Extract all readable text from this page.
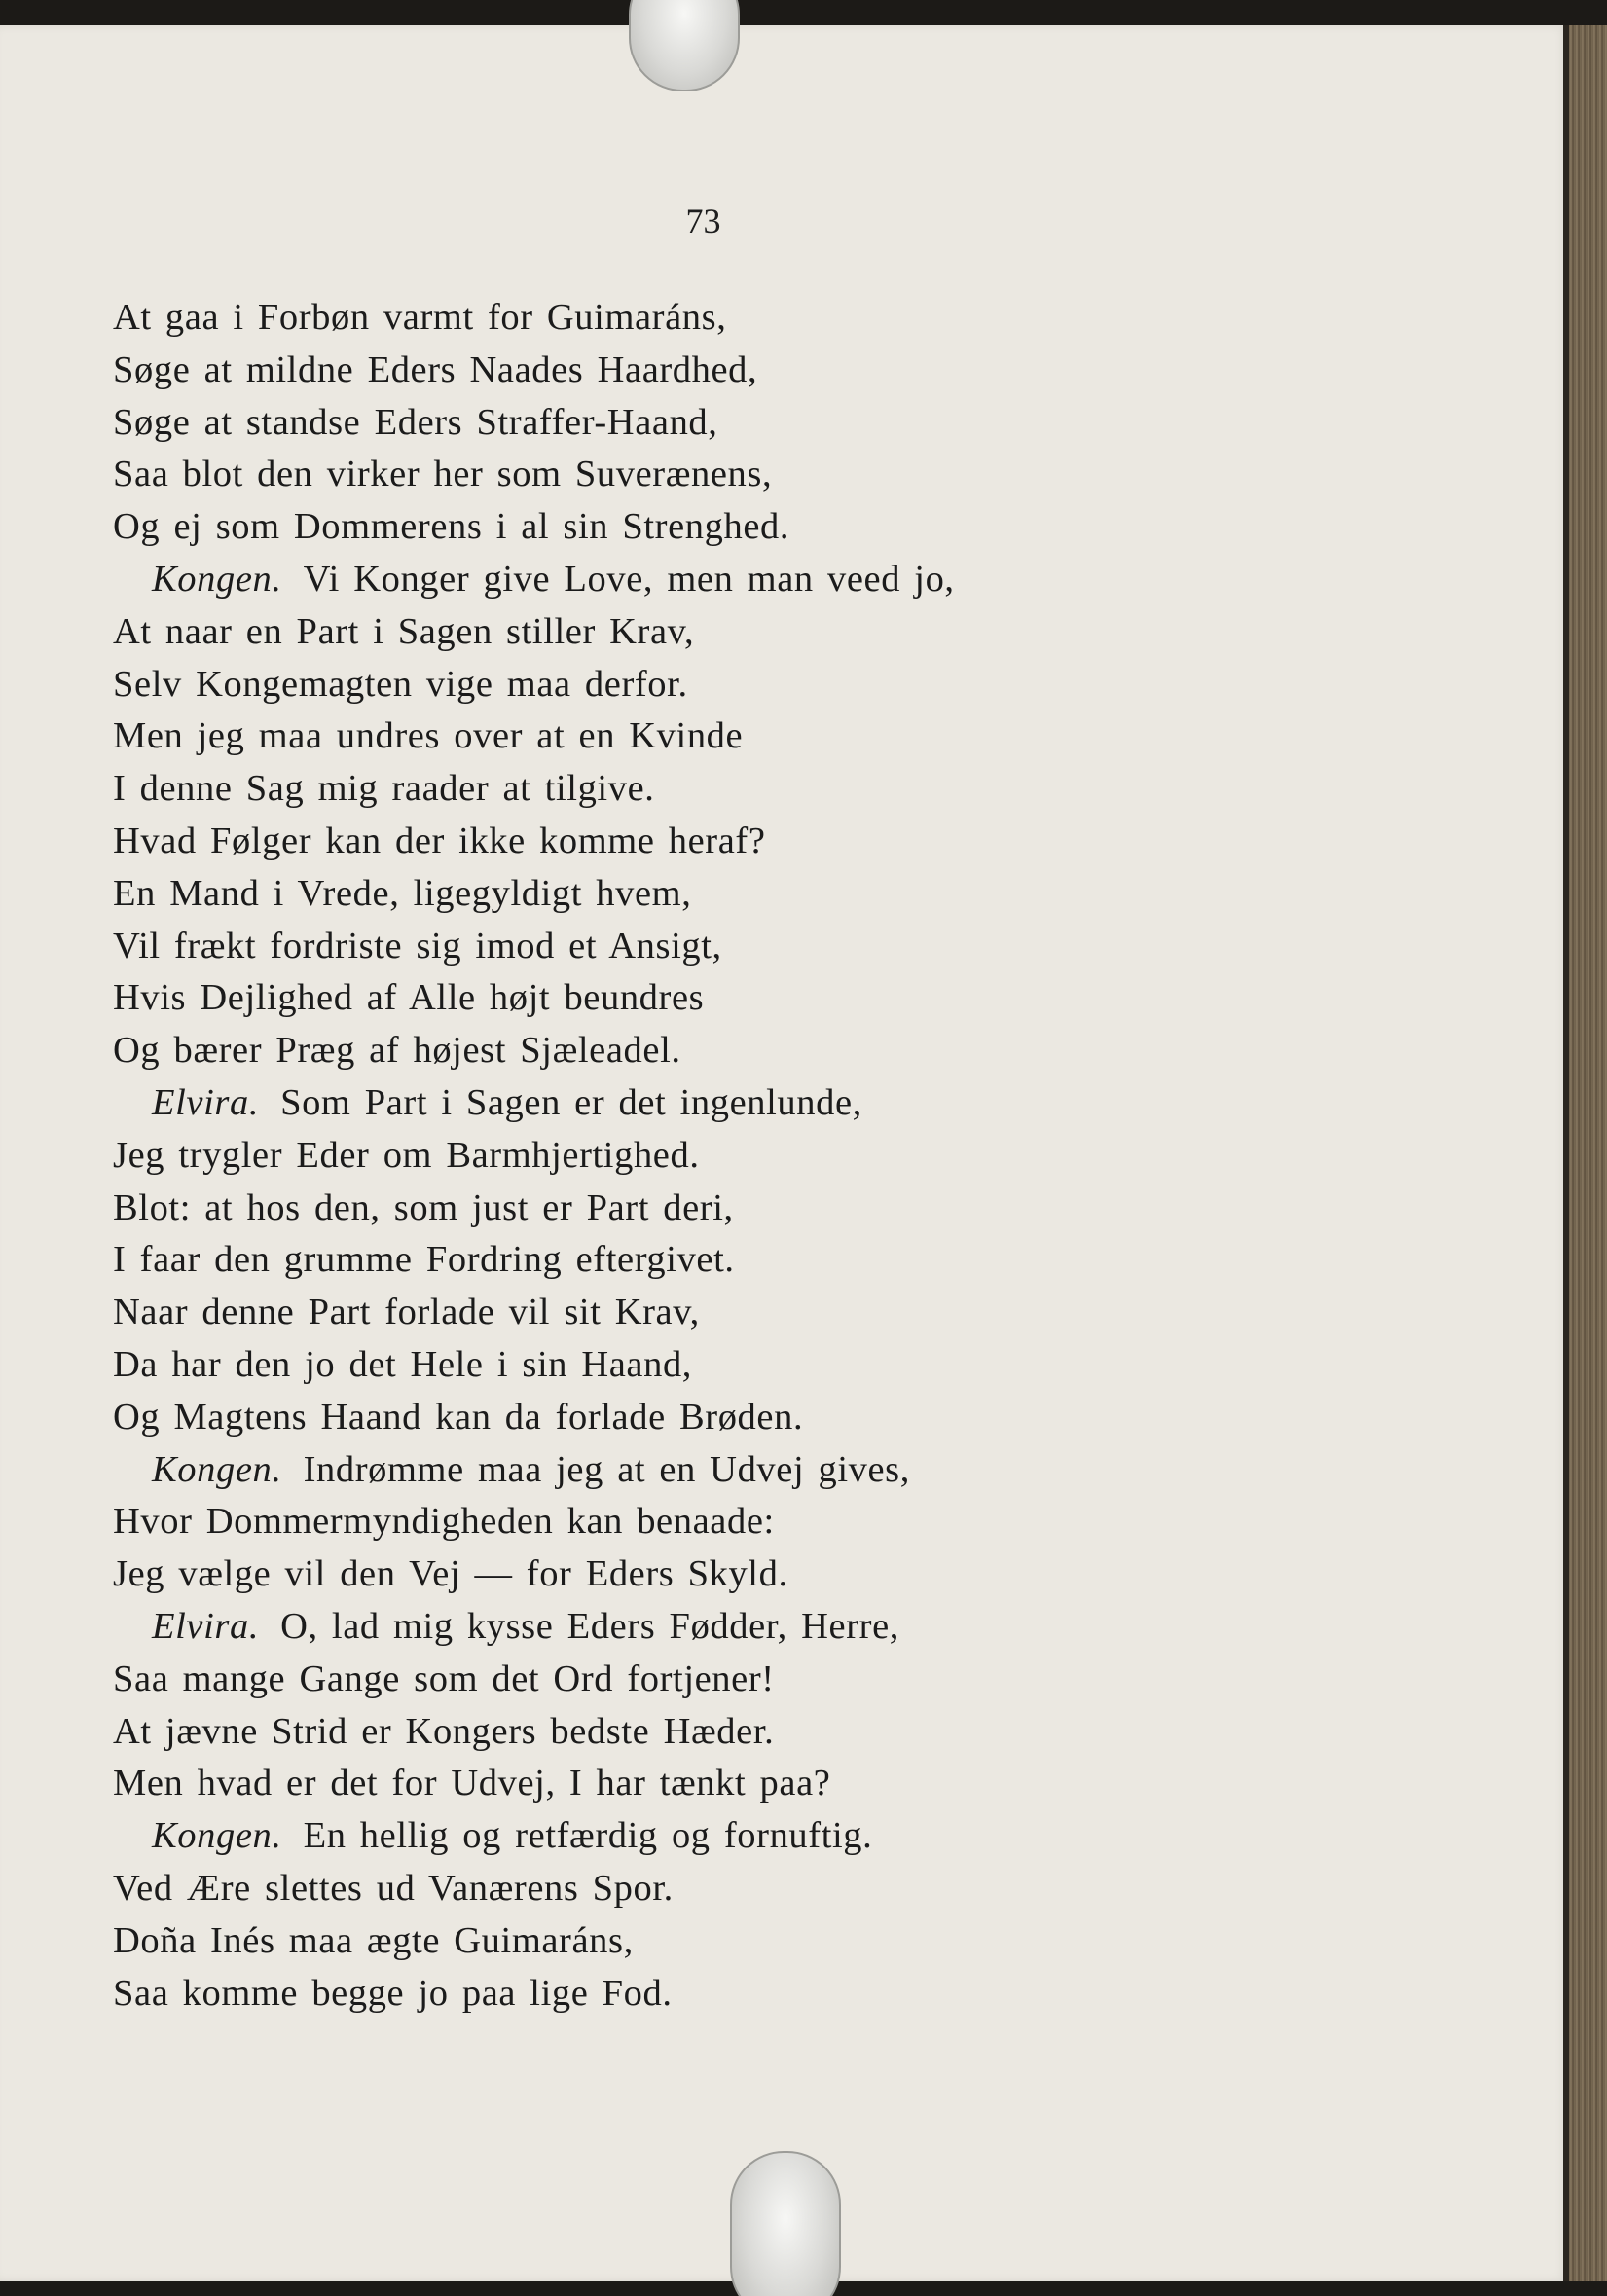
73
At gaa i Forbøn varmt for Guimaráns,
Søge at mildne Eders Naades Haardhed,
Søge at standse Eders Straffer-Haand,
Saa blot den virker her som Suverænens,
Og ej som Dommerens i al sin Strenghed.
Kongen. Vi Konger give Love, men man veed jo,
At naar en Part i Sagen stiller Krav,
Selv Kongemagten vige maa derfor.
Men jeg maa undres over at en Kvinde
I denne Sag mig raader at tilgive.
Hvad Følger kan der ikke komme heraf?
En Mand i Vrede, ligegyldigt hvem,
Vil frækt fordriste sig imod et Ansigt,
Hvis Dejlighed af Alle højt beundres
Og bærer Præg af højest Sjæleadel.
Elvira. Som Part i Sagen er det ingenlunde,
Jeg trygler Eder om Barmhjertighed.
Blot: at hos den, som just er Part deri,
I faar den grumme Fordring eftergivet.
Naar denne Part forlade vil sit Krav,
Da har den jo det Hele i sin Haand,
Og Magtens Haand kan da forlade Brøden.
Kongen. Indrømme maa jeg at en Udvej gives,
Hvor Dommermyndigheden kan benaade:
Jeg vælge vil den Vej — for Eders Skyld.
Elvira. O, lad mig kysse Eders Fødder, Herre,
Saa mange Gange som det Ord fortjener!
At jævne Strid er Kongers bedste Hæder.
Men hvad er det for Udvej, I har tænkt paa?
Kongen. En hellig og retfærdig og fornuftig.
Ved Ære slettes ud Vanærens Spor.
Doña Inés maa ægte Guimaráns,
Saa komme begge jo paa lige Fod.
